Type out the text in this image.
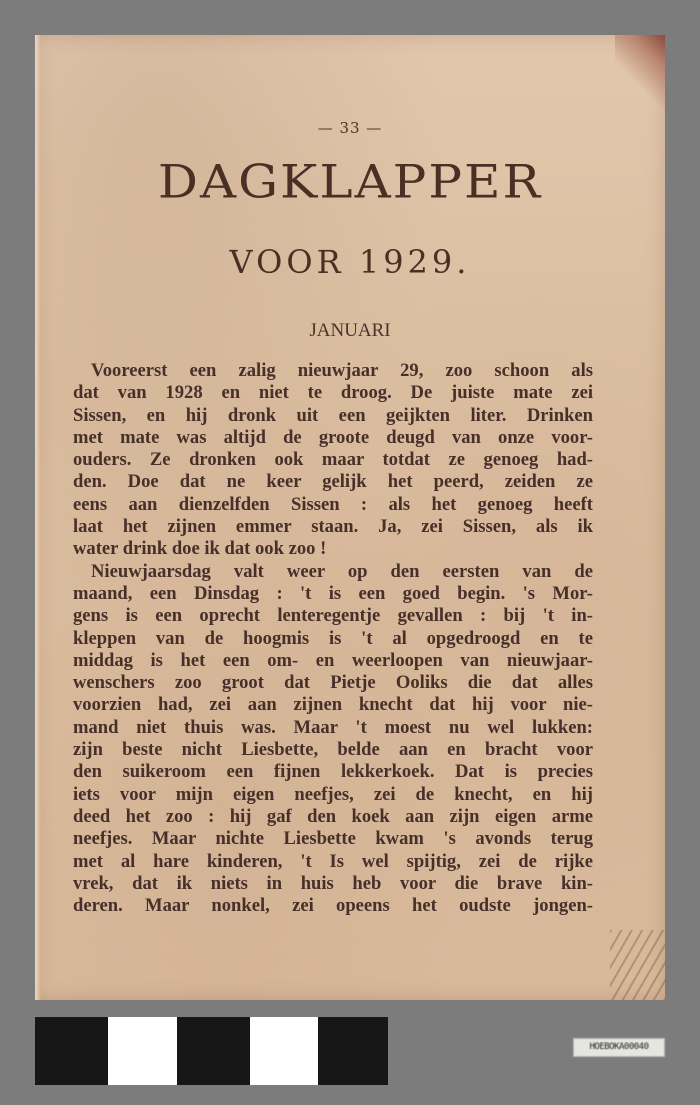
— 33 —
DAGKLAPPER
VOOR 1929.
JANUARI
Vooreerst een zalig nieuwjaar 29, zoo schoon als
dat van 1928 en niet te droog. De juiste mate zei
Sissen, en hij dronk uit een geijkten liter. Drinken
met mate was altijd de groote deugd van onze voor-
ouders. Ze dronken ook maar totdat ze genoeg had-
den. Doe dat ne keer gelijk het peerd, zeiden ze
eens aan dienzelfden Sissen : als het genoeg heeft
laat het zijnen emmer staan. Ja, zei Sissen, als ik
water drink doe ik dat ook zoo !
Nieuwjaarsdag valt weer op den eersten van de
maand, een Dinsdag : 't is een goed begin. 's Mor-
gens is een oprecht lenteregentje gevallen : bij 't in-
kleppen van de hoogmis is 't al opgedroogd en te
middag is het een om- en weerloopen van nieuwjaar-
wenschers zoo groot dat Pietje Ooliks die dat alles
voorzien had, zei aan zijnen knecht dat hij voor nie-
mand niet thuis was. Maar 't moest nu wel lukken:
zijn beste nicht Liesbette, belde aan en bracht voor
den suikeroom een fijnen lekkerkoek. Dat is precies
iets voor mijn eigen neefjes, zei de knecht, en hij
deed het zoo : hij gaf den koek aan zijn eigen arme
neefjes. Maar nichte Liesbette kwam 's avonds terug
met al hare kinderen, 't Is wel spijtig, zei de rijke
vrek, dat ik niets in huis heb voor die brave kin-
deren. Maar nonkel, zei opeens het oudste jongen-
HOEBOKA00040
